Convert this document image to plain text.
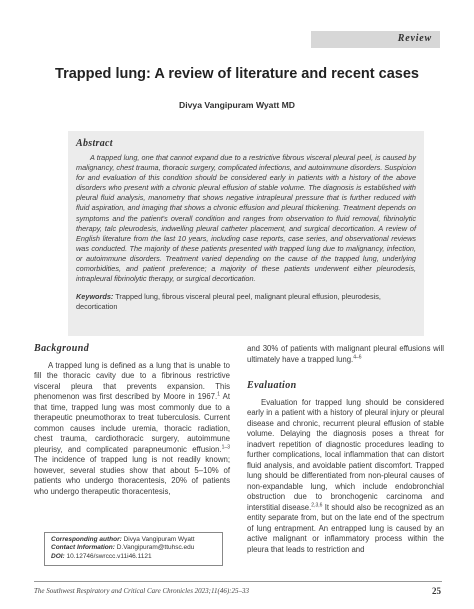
Review
Trapped lung: A review of literature and recent cases
Divya Vangipuram Wyatt MD

Abstract

A trapped lung, one that cannot expand due to a restrictive fibrous visceral pleural peel, is caused by malignancy, chest trauma, thoracic surgery, complicated infections, and autoimmune disorders. Suspicion for and evaluation of this condition should be considered early in patients with a history of the above disorders who present with a chronic pleural effusion of stable volume. The diagnosis is established with pleural fluid analysis, manometry that shows negative intrapleural pressure that is further reduced with fluid aspiration, and imaging that shows a chronic effusion and pleural thickening. Treatment depends on symptoms and the patient's overall condition and ranges from observation to fluid removal, fibrinolytic therapy, talc pleurodesis, indwelling pleural catheter placement, and surgical decortication. A review of English literature from the last 10 years, including case reports, case series, and observational reviews was conducted. The majority of these patients presented with trapped lung due to malignancy, infection, or autoimmune disorders. Treatment varied depending on the cause of the trapped lung, underlying comorbidities, and patient preference; a majority of these patients underwent either pleurodesis, intrapleural fibrinolytic therapy, or surgical decortication.

Keywords: Trapped lung, fibrous visceral pleural peel, malignant pleural effusion, pleurodesis, decortication

Background

A trapped lung is defined as a lung that is unable to fill the thoracic cavity due to a fibrinous restrictive visceral pleura that prevents expansion. This phenomenon was first described by Moore in 1967.$^1$ At that time, trapped lung was most commonly due to a therapeutic pneumothorax to treat tuberculosis. Current common causes include uremia, thoracic radiation, chest trauma, cardiothoracic surgery, autoimmune pleurisy, and complicated parapneumonic effusion.$^{1-3}$ The incidence of trapped lung is not readily known; however, several studies show that about 5–10% of patients who undergo thoracentesis, 20% of patients who undergo therapeutic thoracentesis,

Corresponding author: Divya Vangipuram Wyatt
Contact Information: D.Vangipuram@ttuhsc.edu
DOI: 10.12746/swrccc.v11i46.1121

and 30% of patients with malignant pleural effusions will ultimately have a trapped lung.$^{4-6}$

Evaluation

Evaluation for trapped lung should be considered early in a patient with a history of pleural injury or pleural disease and chronic, recurrent pleural effusion of stable volume. Delaying the diagnosis poses a threat for inadvert repetition of diagnostic procedures leading to further complications, local inflammation that can distort fluid analysis, and avoidable patient discomfort. Trapped lung should be differentiated from non-pleural causes of non-expandable lung, which include endobronchial obstruction due to bronchogenic carcinoma and interstitial disease.$^{2,3,6}$ It should also be recognized as an entity separate from, but on the late end of the spectrum of lung entrapment. An entrapped lung is caused by an active malignant or inflammatory process within the pleura that leads to restriction and

The Southwest Respiratory and Critical Care Chronicles 2023;11(46):25–33	25
